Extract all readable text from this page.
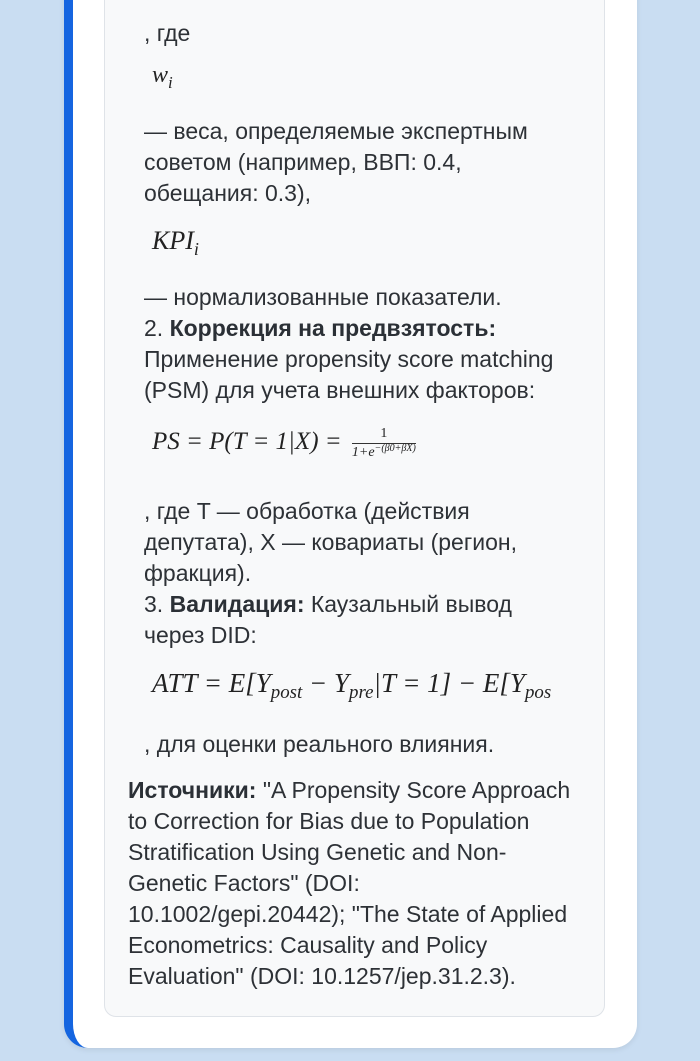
, где

$w_i$

— веса, определяемые экспертным

советом (например, ВВП: 0.4,

обещания: 0.3),

$KPI_i$

— нормализованные показатели.

2. Коррекция на предвзятость:

Применение propensity score matching

(PSM) для учета внешних факторов:

PS = $P(T = 1|X) = \frac{1}{1+e^{-(\beta 0+\beta X)}}$

, где T — обработка (действия

депутата), X — ковариаты (регион,

фракция).

3. Валидация: Каузальный вывод

через DID:

ATT = $E[Y_{post} - Y_{pre}|T = 1] - E[Y_{pos}$

, для оценки реального влияния.

Источники: "A Propensity Score Approach

to Correction for Bias due to Population

Stratification Using Genetic and Non-

Genetic Factors" (DOI:

10.1002/gepi.20442); "The State of Applied

Econometrics: Causality and Policy

Evaluation" (DOI: 10.1257/jep.31.2.3).
